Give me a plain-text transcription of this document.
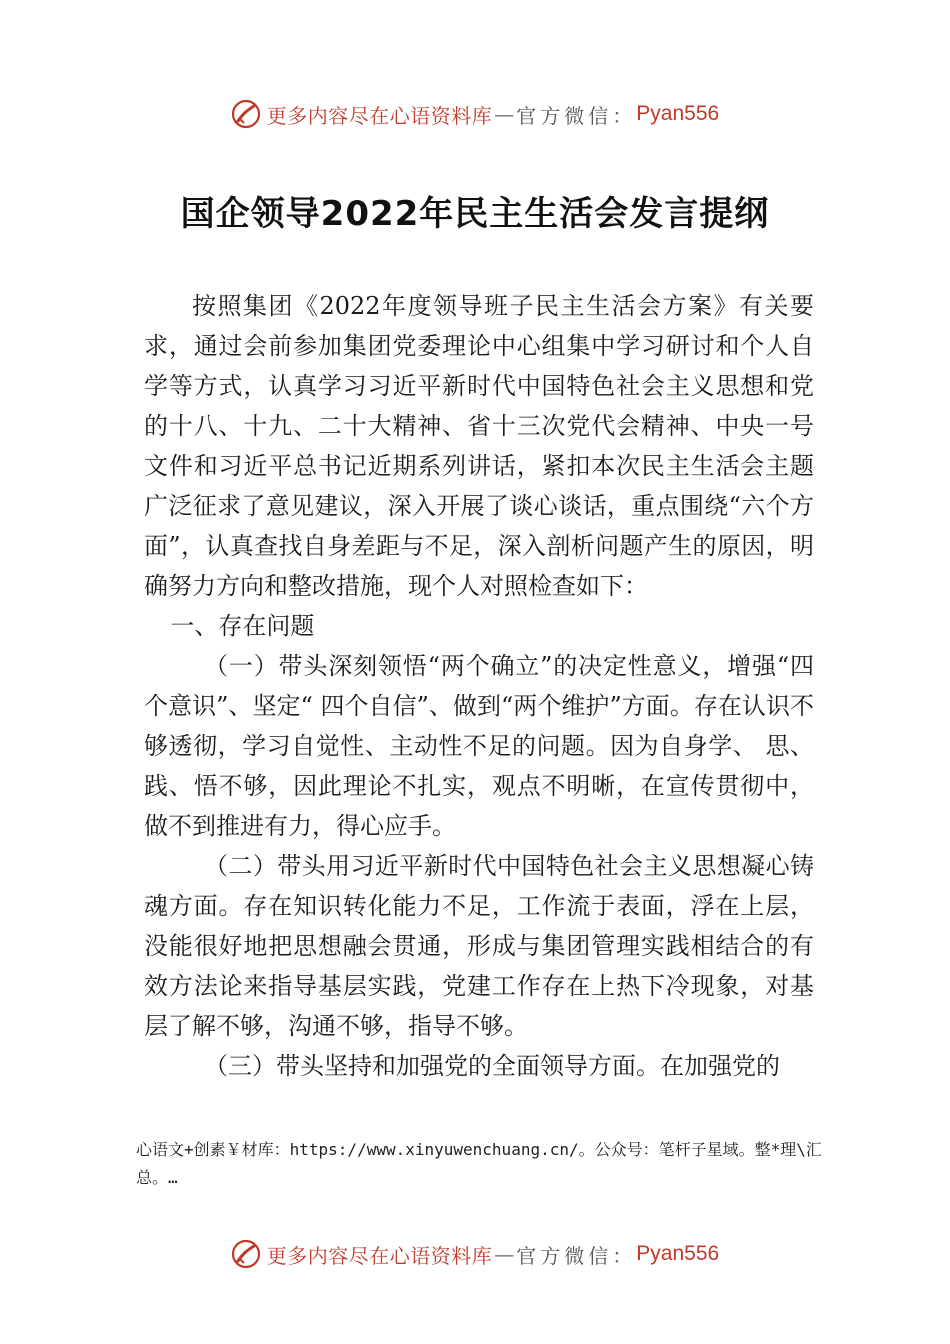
更多内容尽在心语资料库 — 官方微信： Pyan556
国企领导2022年民主生活会发言提纲

按照集团《2022年度领导班子民主生活会方案》有关要求，通过会前参加集团党委理论中心组集中学习研讨和个人自学等方式，认真学习习近平新时代中国特色社会主义思想和党的十八、十九、二十大精神、省十三次党代会精神、中央一号文件和习近平总书记近期系列讲话，紧扣本次民主生活会主题广泛征求了意见建议，深入开展了谈心谈话，重点围绕“六个方面”，认真查找自身差距与不足，深入剖析问题产生的原因，明确努力方向和整改措施，现个人对照检查如下：

一、存在问题

（一）带头深刻领悟“两个确立”的决定性意义，增强“四个意识”、坚定“ 四个自信”、做到“两个维护”方面。存在认识不够透彻，学习自觉性、主动性不足的问题。因为自身学、 思、践、悟不够，因此理论不扎实，观点不明晰，在宣传贯彻中，做不到推进有力，得心应手。

（二）带头用习近平新时代中国特色社会主义思想凝心铸魂方面。存在知识转化能力不足，工作流于表面，浮在上层，没能很好地把思想融会贯通，形成与集团管理实践相结合的有效方法论来指导基层实践，党建工作存在上热下冷现象，对基层了解不够，沟通不够，指导不够。

（三）带头坚持和加强党的全面领导方面。在加强党的

心语文+创素￥材库：https://www.xinyuwenchuang.cn/。公众号：笔杆子星域。整*理\汇总。…
更多内容尽在心语资料库 — 官方微信： Pyan556
